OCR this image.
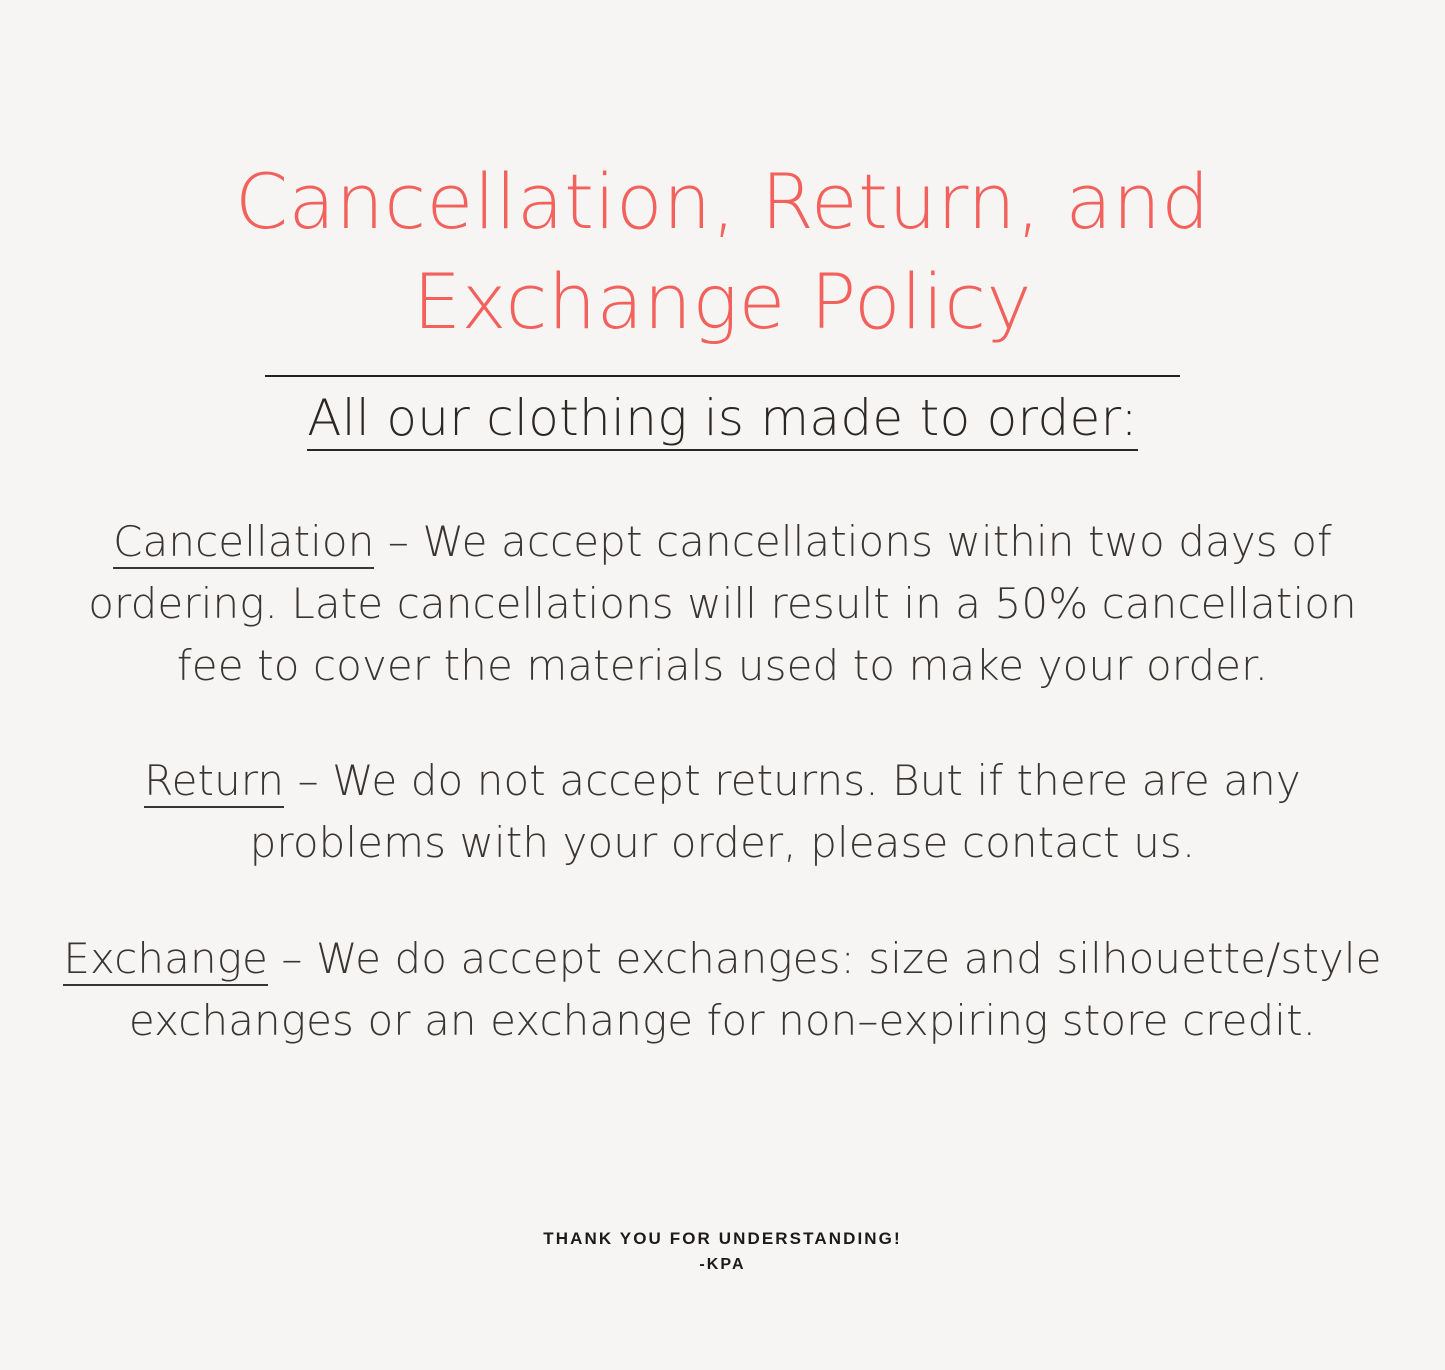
Cancellation, Return, and Exchange Policy

All our clothing is made to order:

Cancellation – We accept cancellations within two days of ordering. Late cancellations will result in a 50% cancellation fee to cover the materials used to make your order.

Return – We do not accept returns. But if there are any problems with your order, please contact us.

Exchange – We do accept exchanges: size and silhouette/style exchanges or an exchange for non–expiring store credit.

THANK YOU FOR UNDERSTANDING!

-KPA
